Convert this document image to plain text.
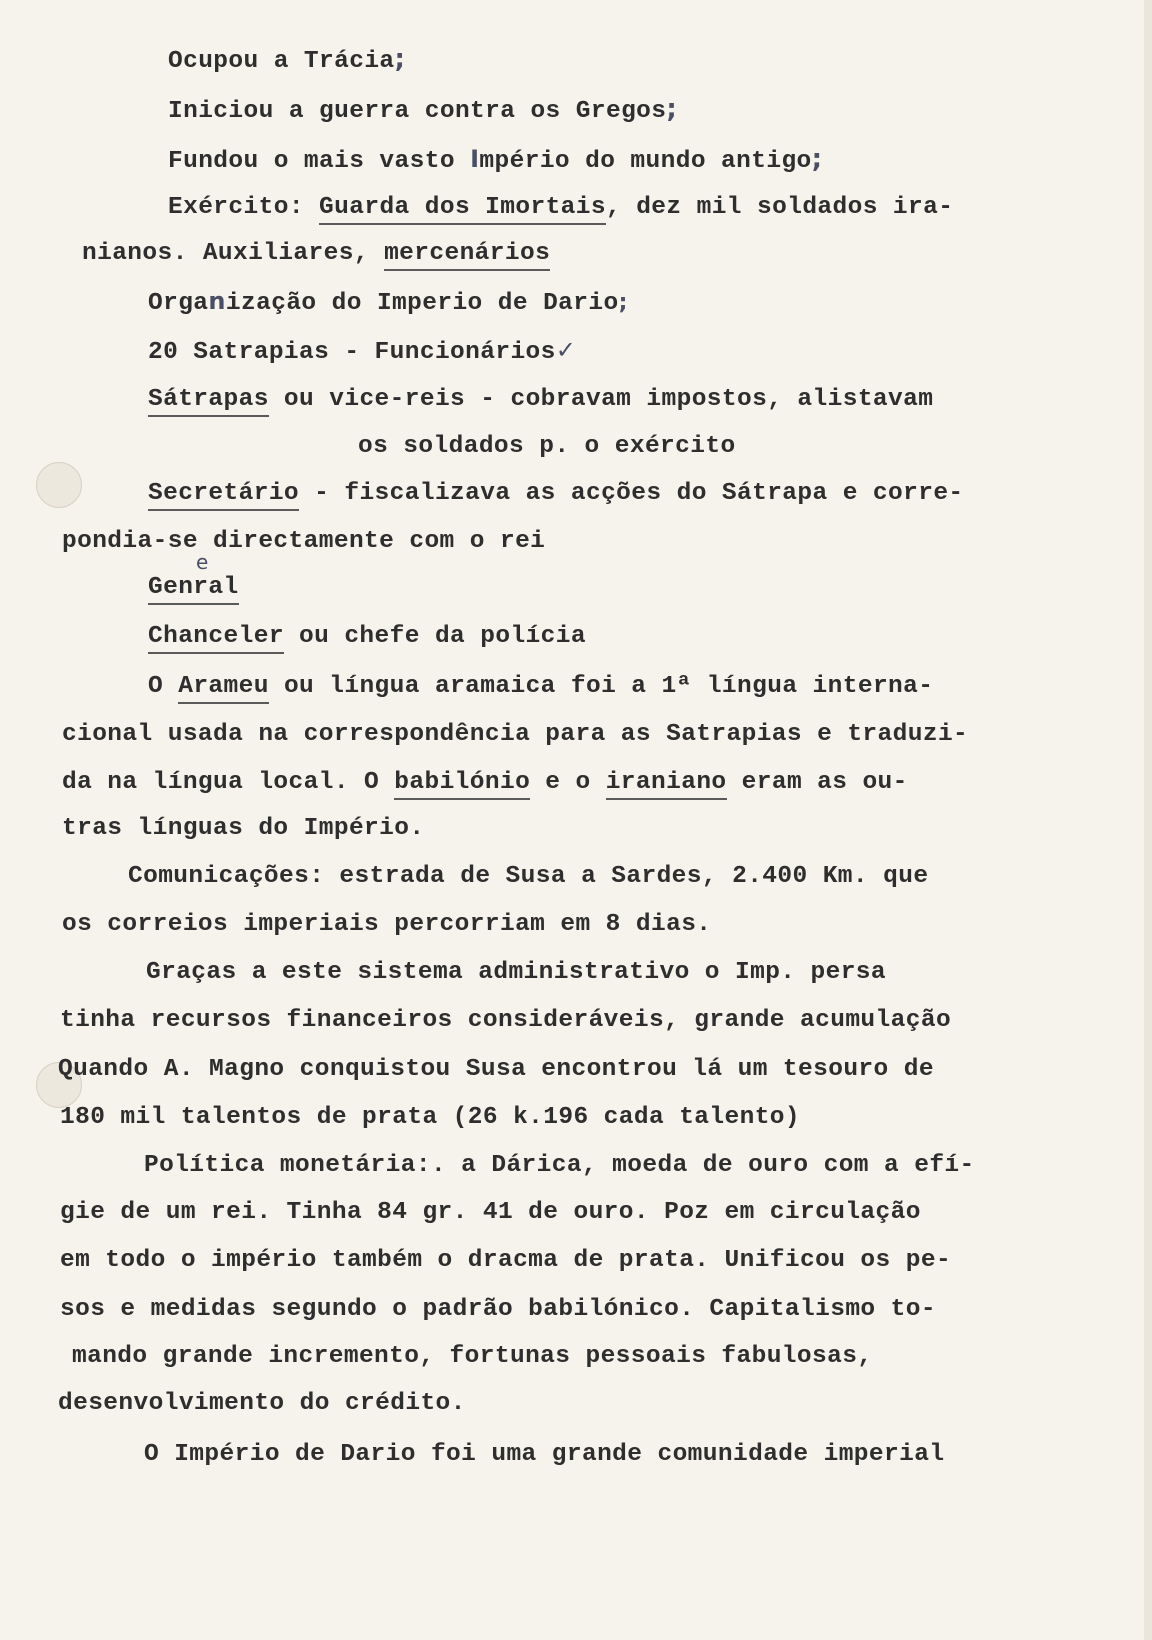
Ocupou a Trácia;
Iniciou a guerra contra os Gregos;
Fundou o mais vasto Império do mundo antigo;
Exército: Guarda dos Imortais, dez mil soldados ira-
nianos. Auxiliares, mercenários
Organização do Imperio de Dario;
20 Satrapias - Funcionários✓
Sátrapas ou vice-reis - cobravam impostos, alistavam
os soldados p. o exército
Secretário - fiscalizava as acções do Sátrapa e corre-
pondia-se directamente com o rei
e
Genral
Chanceler ou chefe da polícia
O Arameu ou língua aramaica foi a 1ª língua interna-
cional usada na correspondência para as Satrapias e traduzi-
da na língua local. O babilónio e o iraniano eram as ou-
tras línguas do Império.
Comunicações: estrada de Susa a Sardes, 2.400 Km. que
os correios imperiais percorriam em 8 dias.
Graças a este sistema administrativo o Imp. persa
tinha recursos financeiros consideráveis, grande acumulação
Quando A. Magno conquistou Susa encontrou lá um tesouro de
180 mil talentos de prata (26 k.196 cada talento)
Política monetária:. a Dárica, moeda de ouro com a efí-
gie de um rei. Tinha 84 gr. 41 de ouro. Poz em circulação
em todo o império também o dracma de prata. Unificou os pe-
sos e medidas segundo o padrão babilónico. Capitalismo to-
mando grande incremento, fortunas pessoais fabulosas,
desenvolvimento do crédito.
O Império de Dario foi uma grande comunidade imperial
